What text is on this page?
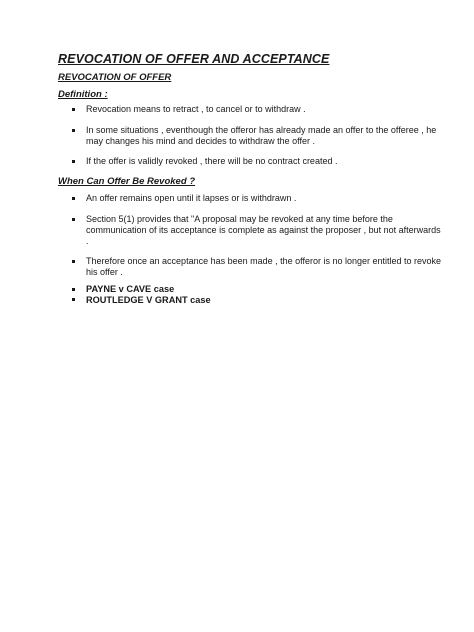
REVOCATION OF OFFER AND ACCEPTANCE
REVOCATION OF OFFER
Definition :
Revocation means to retract , to cancel or to withdraw .
In some situations , eventhough the offeror has already made an offer to the offeree , he may changes his mind and decides to withdraw the offer .
If the offer is validly revoked , there will be no contract created .
When Can Offer Be Revoked ?
An offer remains open until it lapses or is withdrawn .
Section 5(1) provides that "A proposal may be revoked at any time before the communication of its acceptance is complete as against the proposer , but not afterwards .
Therefore once an acceptance has been made , the offeror is no longer entitled to revoke his offer .
PAYNE v CAVE case
ROUTLEDGE V GRANT case
